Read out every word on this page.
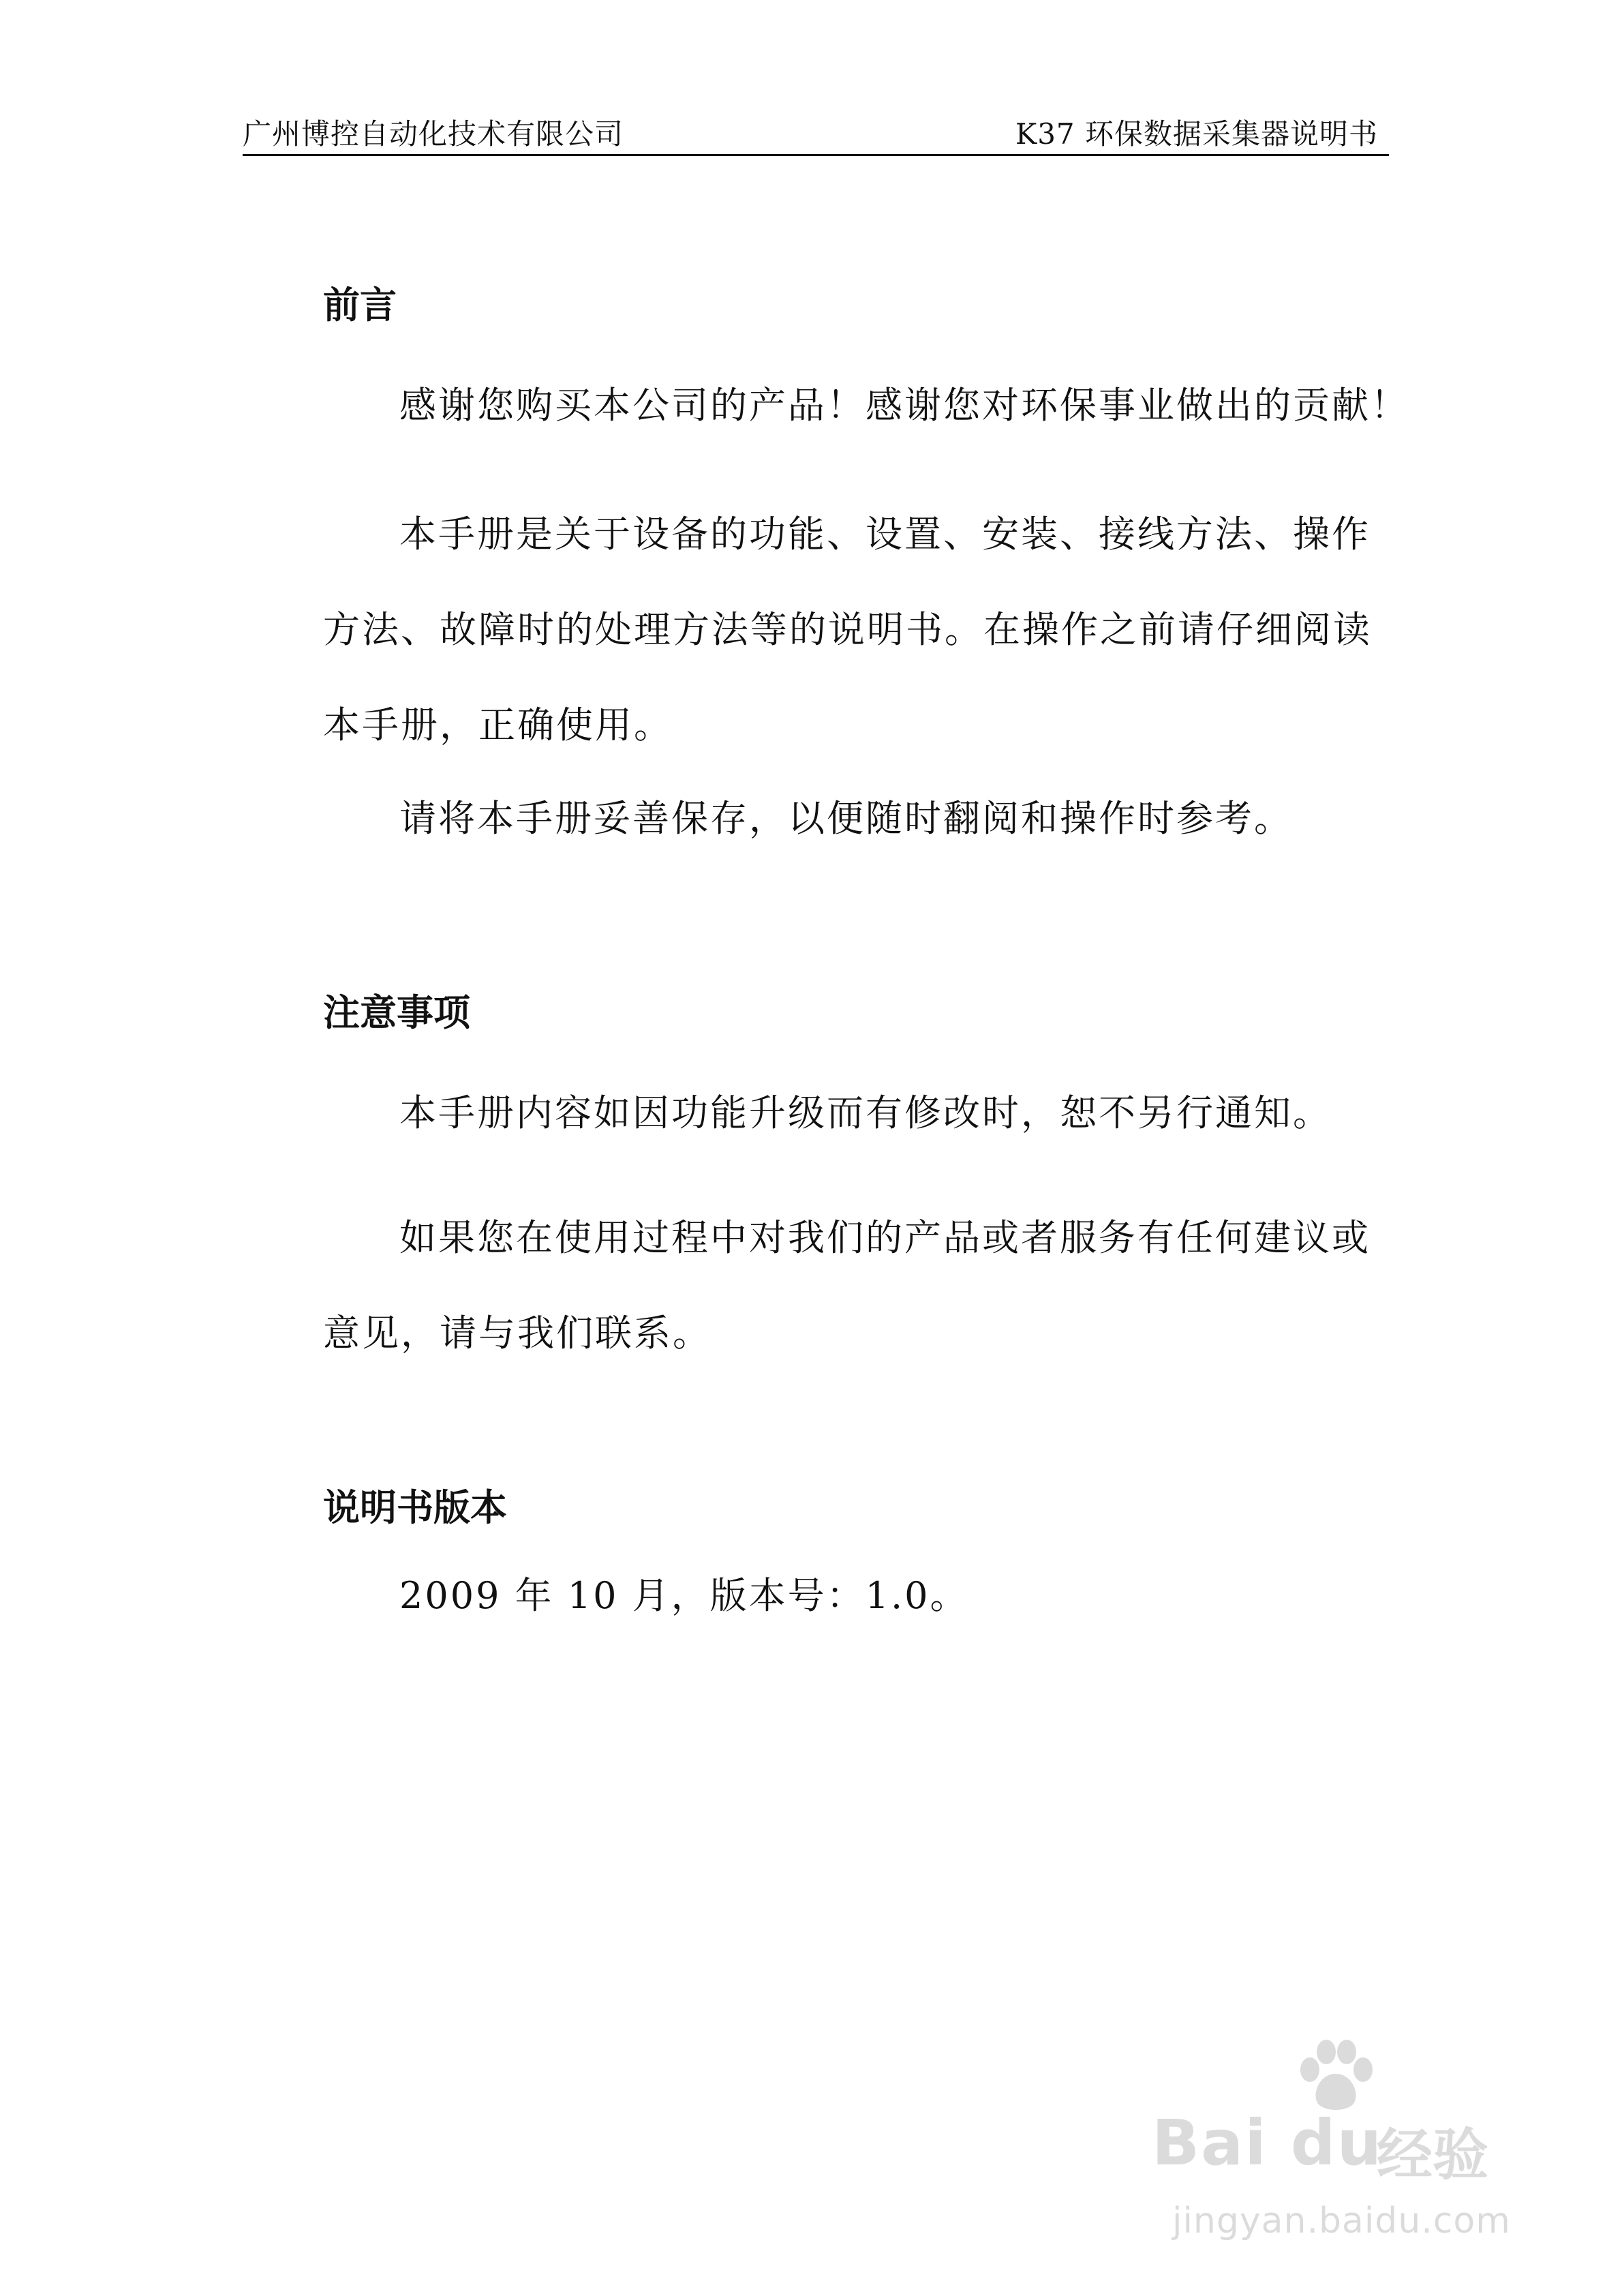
广州博控自动化技术有限公司	K37 环保数据采集器说明书
前言

感谢您购买本公司的产品！感谢您对环保事业做出的贡献！

本手册是关于设备的功能、设置、安装、接线方法、操作方法、故障时的处理方法等的说明书。在操作之前请仔细阅读本手册，正确使用。

请将本手册妥善保存，以便随时翻阅和操作时参考。

注意事项

本手册内容如因功能升级而有修改时，恕不另行通知。

如果您在使用过程中对我们的产品或者服务有任何建议或意见，请与我们联系。

说明书版本

2009 年 10 月，版本号：1.0。

Bai du
经验
jingyan.baidu.com
